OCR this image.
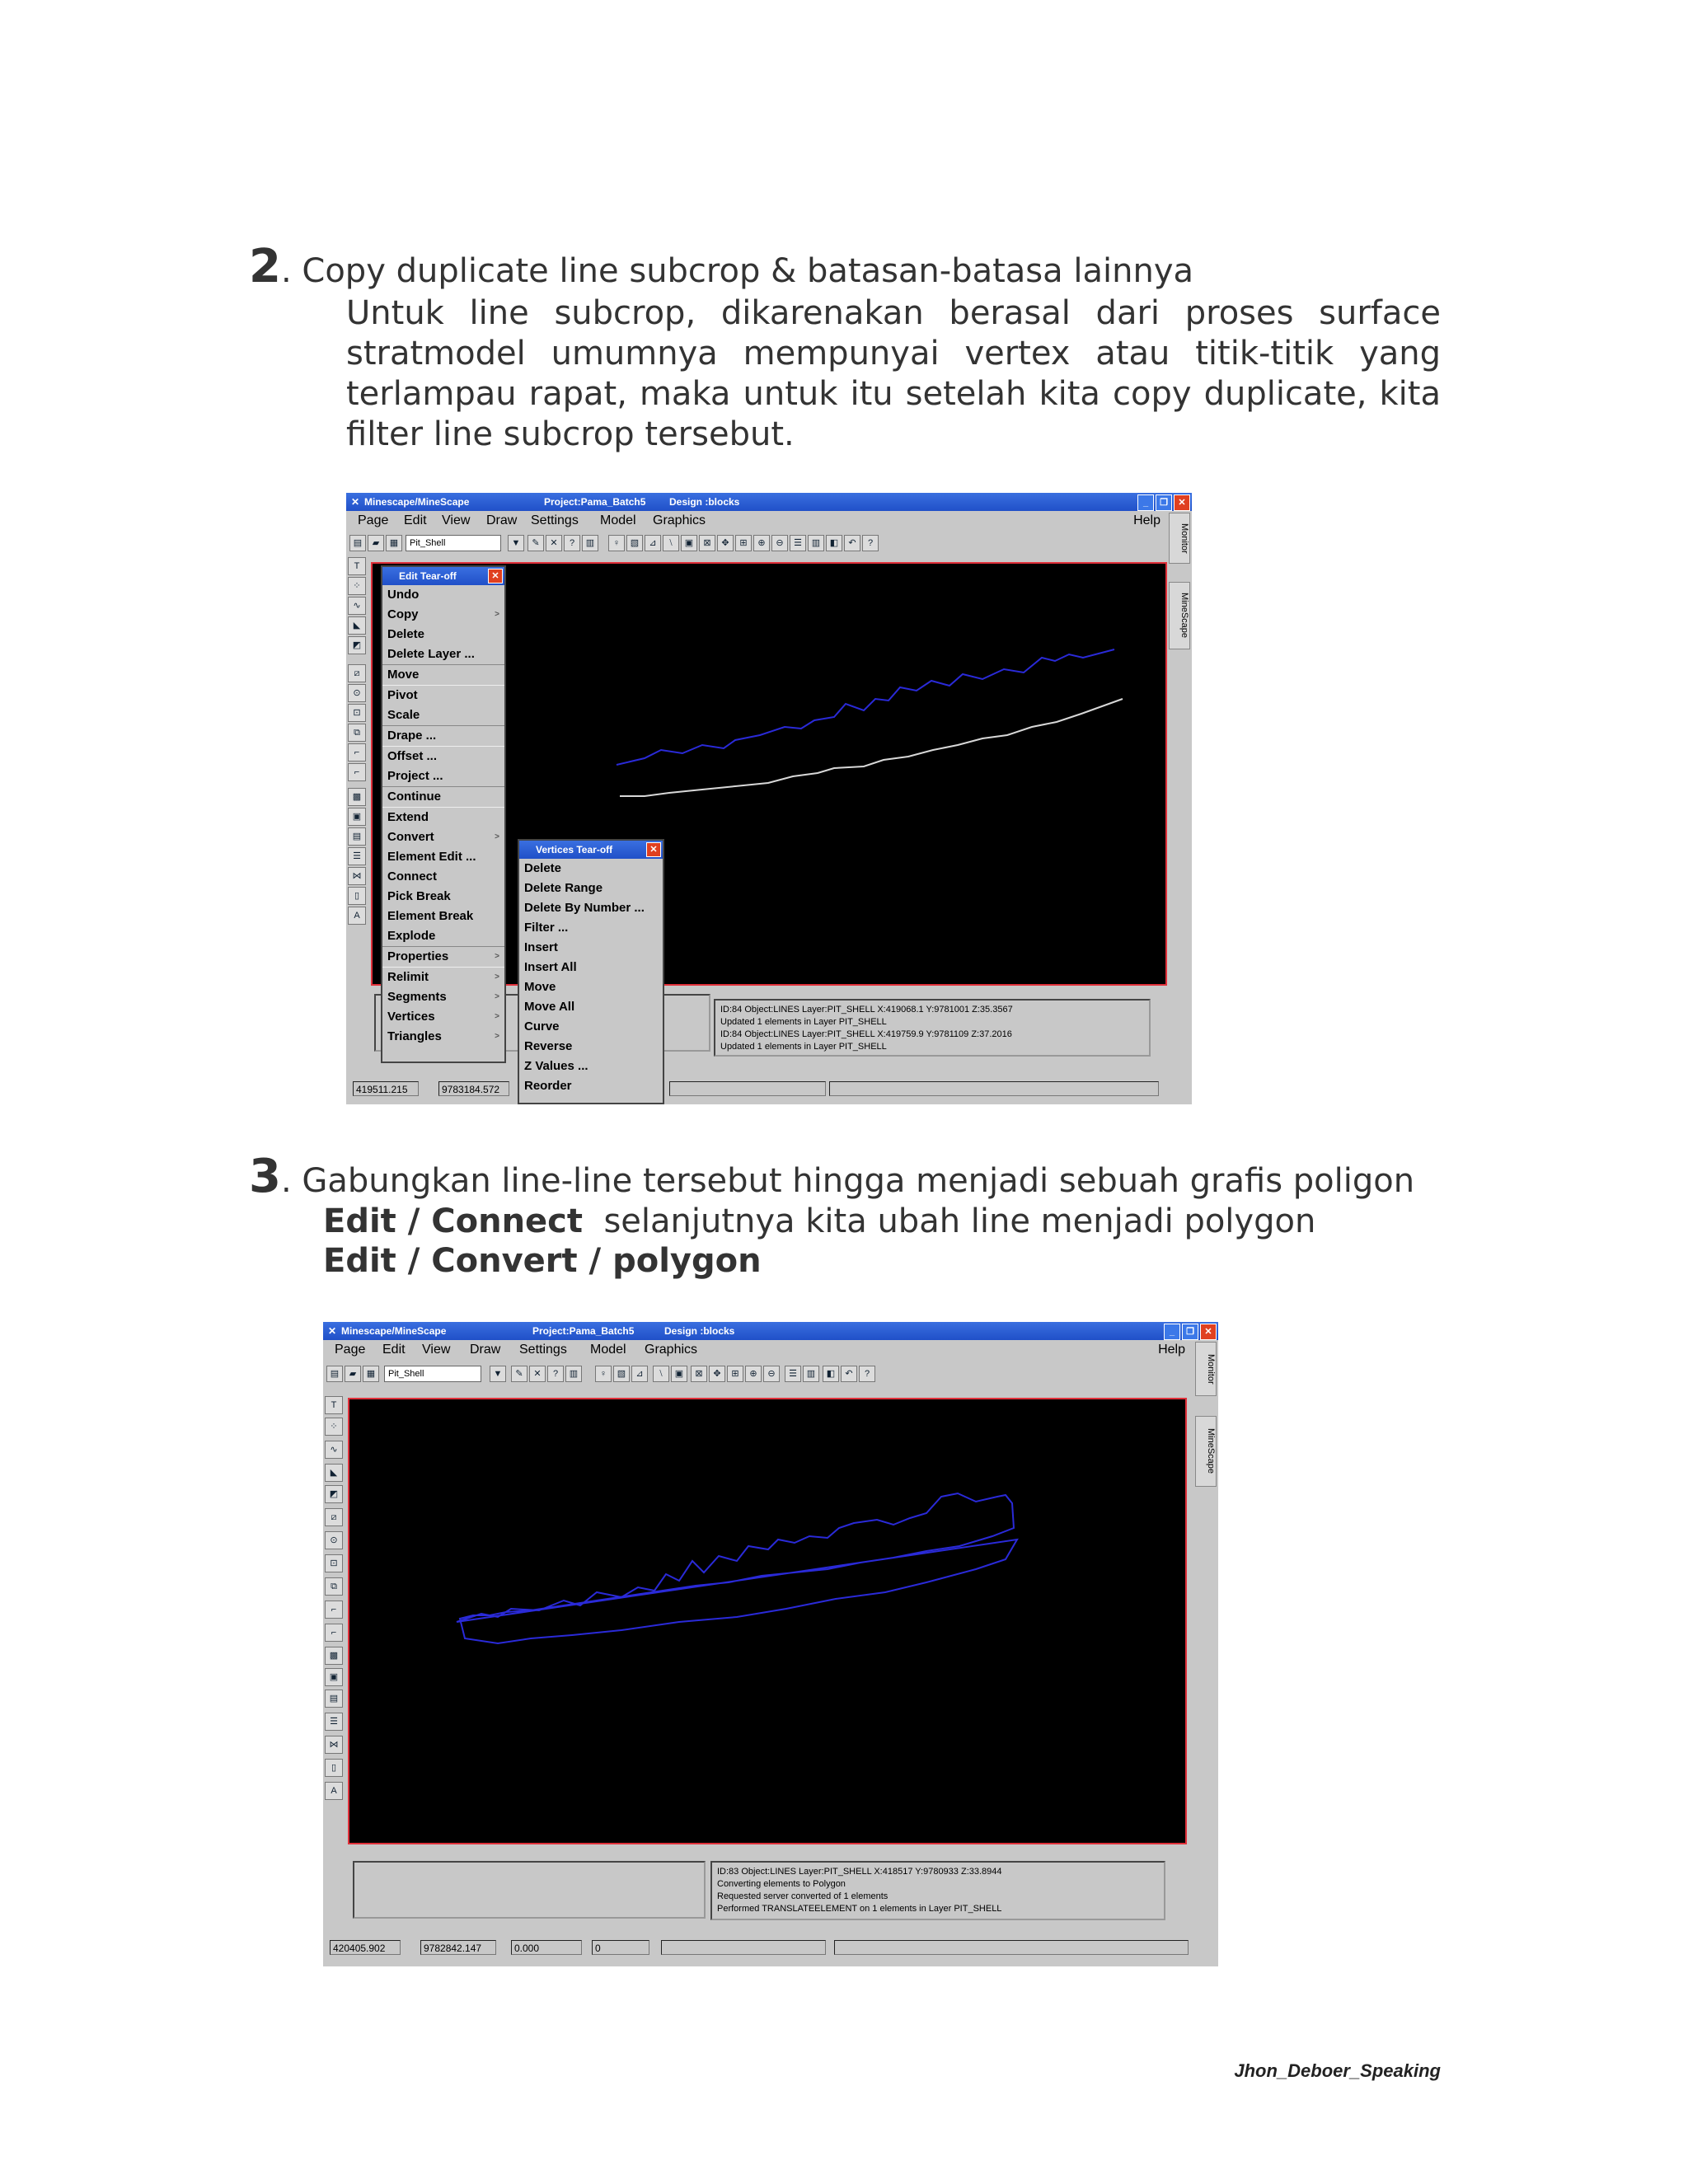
2. Copy duplicate line subcrop & batasan-batasa lainnya
Untuk line subcrop, dikarenakan berasal dari proses surface stratmodel umumnya mempunyai vertex atau titik-titik yang terlampau rapat, maka untuk itu setelah kita copy duplicate, kita filter line subcrop tersebut.
✕ Minescape/MineScape	Project:Pama_Batch5 Design :blocks	_	❐	✕
Page Edit View Draw Settings Model Graphics	Help
▤	▰	▦	Pit_Shell	▼	✎	✕	?	▥	♀	▧	⊿	⧵	▣	⊠	✥	⊞	⊕	⊖	☰	▥	◧	↶	?
T
⁘
∿
◣
◩
⧄
⊙
⊡
⧉
⌐
⌐
▩
▣
▤
☰
⋈
▯
A
Monitor
MineScape
ID:84 Object:LINES Layer:PIT_SHELL X:419068.1 Y:9781001 Z:35.3567
Updated 1 elements in Layer PIT_SHELL
ID:84 Object:LINES Layer:PIT_SHELL X:419759.9 Y:9781109 Z:37.2016
Updated 1 elements in Layer PIT_SHELL
419511.215	9783184.572
Edit Tear-off	✕
Undo
Copy	>
Delete
Delete Layer ...
Move
Pivot
Scale
Drape ...
Offset ...
Project ...
Continue
Extend
Convert	>
Element Edit ...
Connect
Pick Break
Element Break
Explode
Properties	>
Relimit	>
Segments	>
Vertices	>
Triangles	>
Vertices Tear-off	✕
Delete
Delete Range
Delete By Number ...
Filter ...
Insert
Insert All
Move
Move All
Curve
Reverse
Z Values ...
Reorder
3. Gabungkan line-line tersebut hingga menjadi sebuah grafis poligon
Edit / Connect selanjutnya kita ubah line menjadi polygon
Edit / Convert / polygon
✕ Minescape/MineScape	Project:Pama_Batch5	Design :blocks	_	❐	✕
Page Edit View Draw Settings Model Graphics	Help
▤	▰	▦	Pit_Shell	▼	✎	✕	?	▥	♀	▧	⊿	⧵	▣	⊠	✥	⊞	⊕	⊖	☰	▥	◧	↶	?
T
⁘
∿
◣
◩
⧄
⊙
⊡
⧉
⌐
⌐
▩
▣
▤
☰
⋈
▯
A
Monitor
MineScape
ID:83 Object:LINES Layer:PIT_SHELL X:418517 Y:9780933 Z:33.8944
Converting elements to Polygon
Requested server converted of 1 elements
Performed TRANSLATEELEMENT on 1 elements in Layer PIT_SHELL
420405.902	9782842.147	0.000	0
Jhon_Deboer_Speaking
